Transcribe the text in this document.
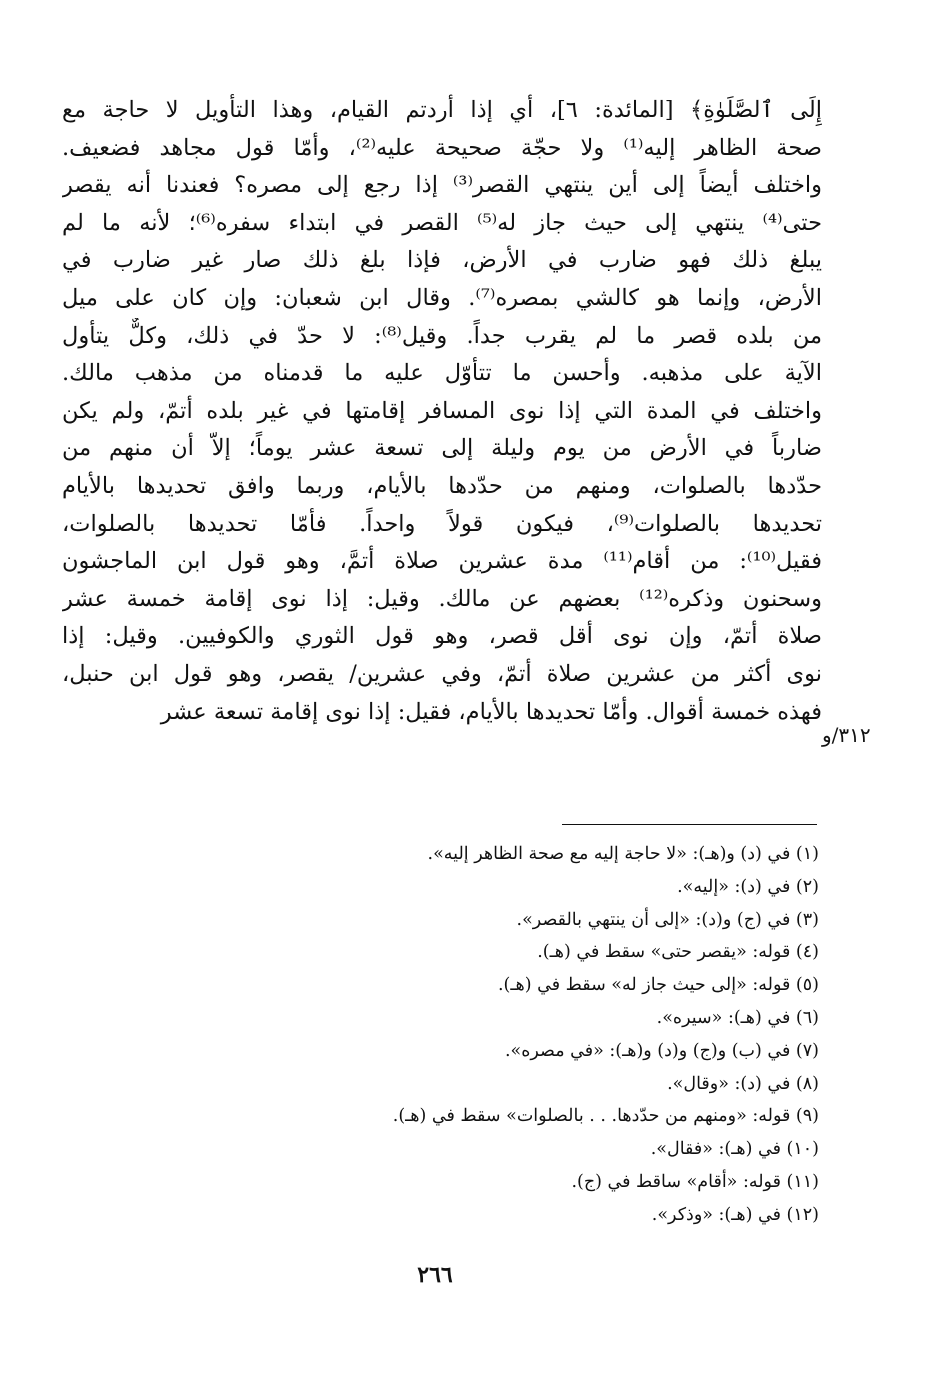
إِلَى ٱلصَّلَوٰةِ﴾ [المائدة: ٦]، أي إذا أردتم القيام، وهذا التأويل لا حاجة مع
صحة الظاهر إليه⁽¹⁾ ولا حجّة صحيحة عليه⁽²⁾، وأمّا قول مجاهد فضعيف.
واختلف أيضاً إلى أين ينتهي القصر⁽³⁾ إذا رجع إلى مصره؟ فعندنا أنه يقصر
حتى⁽⁴⁾ ينتهي إلى حيث جاز له⁽⁵⁾ القصر في ابتداء سفره⁽⁶⁾؛ لأنه ما لم
يبلغ ذلك فهو ضارب في الأرض، فإذا بلغ ذلك صار غير ضارب في
الأرض، وإنما هو كالشي بمصره⁽⁷⁾. وقال ابن شعبان: وإن كان على ميل
من بلده قصر ما لم يقرب جداً. وقيل⁽⁸⁾: لا حدّ في ذلك، وكلٌّ يتأول
الآية على مذهبه. وأحسن ما تتأوّل عليه ما قدمناه من مذهب مالك.
واختلف في المدة التي إذا نوى المسافر إقامتها في غير بلده أتمّ، ولم يكن
ضارباً في الأرض من يوم وليلة إلى تسعة عشر يوماً؛ إلاّ أن منهم من
حدّدها بالصلوات، ومنهم من حدّدها بالأيام، وربما وافق تحديدها بالأيام
تحديدها بالصلوات⁽⁹⁾، فيكون قولاً واحداً. فأمّا تحديدها بالصلوات،
فقيل⁽¹⁰⁾: من أقام⁽¹¹⁾ مدة عشرين صلاة أتمَّ، وهو قول ابن الماجشون
وسحنون وذكره⁽¹²⁾ بعضهم عن مالك. وقيل: إذا نوى إقامة خمسة عشر
صلاة أتمّ، وإن نوى أقل قصر، وهو قول الثوري والكوفيين. وقيل: إذا
نوى أكثر من عشرين صلاة أتمّ، وفي عشرين/ يقصر، وهو قول ابن حنبل،
فهذه خمسة أقوال. وأمّا تحديدها بالأيام، فقيل: إذا نوى إقامة تسعة عشر
٣١٢/و
(١) في (د) و(هـ): «لا حاجة إليه مع صحة الظاهر إليه».
(٢) في (د): «إليه».
(٣) في (ج) و(د): «إلى أن ينتهي بالقصر».
(٤) قوله: «يقصر حتى» سقط في (هـ).
(٥) قوله: «إلى حيث جاز له» سقط في (هـ).
(٦) في (هـ): «سيره».
(٧) في (ب) و(ج) و(د) و(هـ): «في مصره».
(٨) في (د): «وقال».
(٩) قوله: «ومنهم من حدّدها. . . بالصلوات» سقط في (هـ).
(١٠) في (هـ): «فقال».
(١١) قوله: «أقام» ساقط في (ج).
(١٢) في (هـ): «وذكر».
٢٦٦
